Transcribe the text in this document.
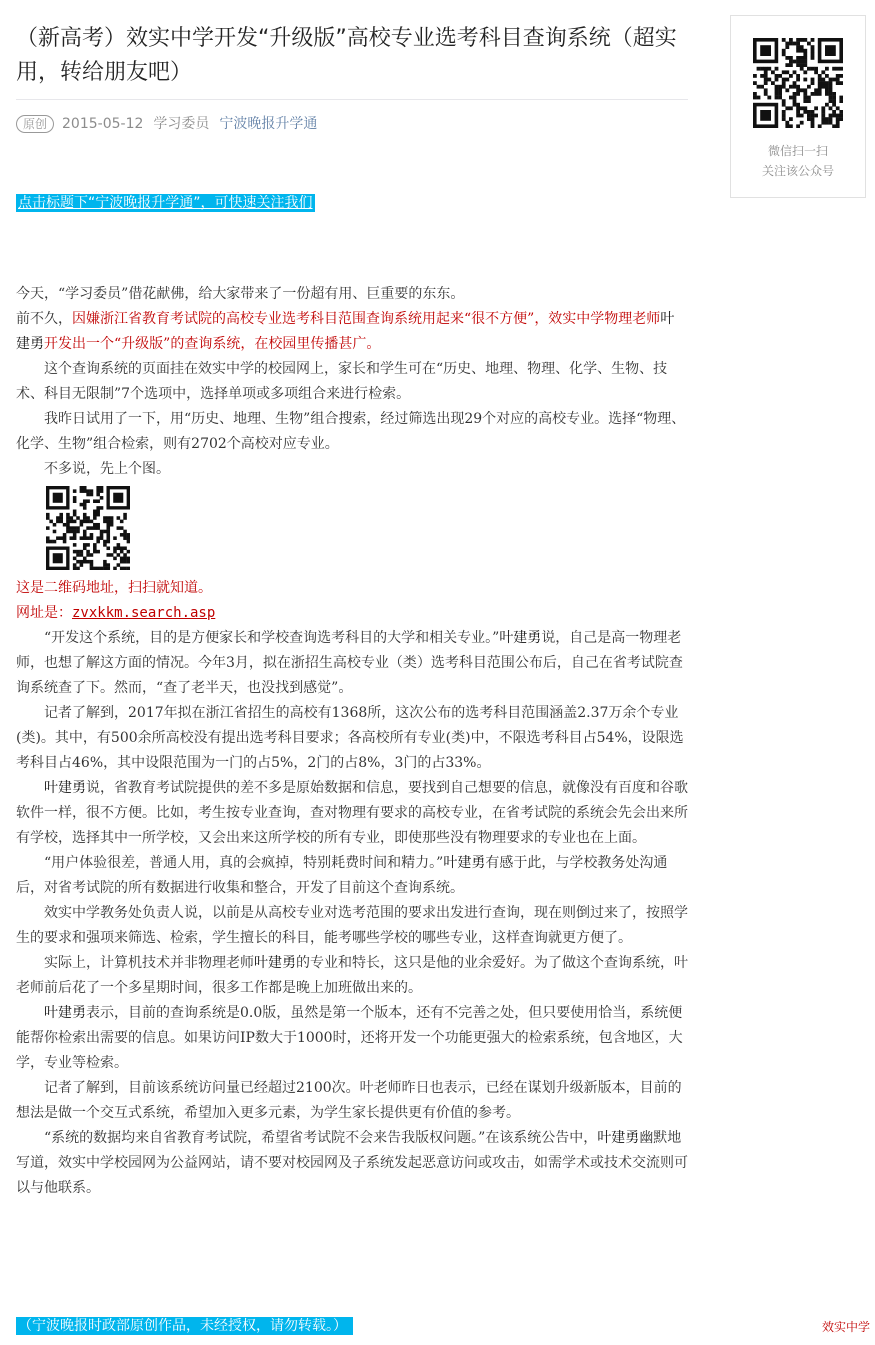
（新高考）效实中学开发“升级版”高校专业选考科目查询系统（超实用，转给朋友吧）
原创	2015-05-12 学习委员 宁波晚报升学通
点击标题下“宁波晚报升学通”，可快速关注我们

今天，“学习委员”借花献佛，给大家带来了一份超有用、巨重要的东东。

前不久，因嫌浙江省教育考试院的高校专业选考科目范围查询系统用起来“很不方便”，效实中学物理老师叶建勇开发出一个“升级版”的查询系统，在校园里传播甚广。

这个查询系统的页面挂在效实中学的校园网上，家长和学生可在“历史、地理、物理、化学、生物、技术、科目无限制”7个选项中，选择单项或多项组合来进行检索。

我昨日试用了一下，用“历史、地理、生物”组合搜索，经过筛选出现29个对应的高校专业。选择“物理、化学、生物”组合检索，则有2702个高校对应专业。

不多说，先上个图。

这是二维码地址，扫扫就知道。

网址是：zvxkkm.search.asp

“开发这个系统，目的是方便家长和学校查询选考科目的大学和相关专业。”叶建勇说，自己是高一物理老师，也想了解这方面的情况。今年3月，拟在浙招生高校专业（类）选考科目范围公布后，自己在省考试院查询系统查了下。然而，“查了老半天，也没找到感觉”。

记者了解到，2017年拟在浙江省招生的高校有1368所，这次公布的选考科目范围涵盖2.37万余个专业(类)。其中，有500余所高校没有提出选考科目要求；各高校所有专业(类)中，不限选考科目占54%，设限选考科目占46%，其中设限范围为一门的占5%，2门的占8%，3门的占33%。

叶建勇说，省教育考试院提供的差不多是原始数据和信息，要找到自己想要的信息，就像没有百度和谷歌软件一样，很不方便。比如，考生按专业查询，查对物理有要求的高校专业，在省考试院的系统会先会出来所有学校，选择其中一所学校，又会出来这所学校的所有专业，即使那些没有物理要求的专业也在上面。

“用户体验很差，普通人用，真的会疯掉，特别耗费时间和精力。”叶建勇有感于此，与学校教务处沟通后，对省考试院的所有数据进行收集和整合，开发了目前这个查询系统。

效实中学教务处负责人说，以前是从高校专业对选考范围的要求出发进行查询，现在则倒过来了，按照学生的要求和强项来筛选、检索，学生擅长的科目，能考哪些学校的哪些专业，这样查询就更方便了。

实际上，计算机技术并非物理老师叶建勇的专业和特长，这只是他的业余爱好。为了做这个查询系统，叶老师前后花了一个多星期时间，很多工作都是晚上加班做出来的。

叶建勇表示，目前的查询系统是0.0版，虽然是第一个版本，还有不完善之处，但只要使用恰当，系统便能帮你检索出需要的信息。如果访问IP数大于1000时，还将开发一个功能更强大的检索系统，包含地区，大学，专业等检索。

记者了解到，目前该系统访问量已经超过2100次。叶老师昨日也表示，已经在谋划升级新版本，目前的想法是做一个交互式系统，希望加入更多元素，为学生家长提供更有价值的参考。

“系统的数据均来自省教育考试院，希望省考试院不会来告我版权问题。”在该系统公告中，叶建勇幽默地写道，效实中学校园网为公益网站，请不要对校园网及子系统发起恶意访问或攻击，如需学术或技术交流则可以与他联系。

微信扫一扫
关注该公众号
（宁波晚报时政部原创作品，未经授权，请勿转载。）	效实中学
